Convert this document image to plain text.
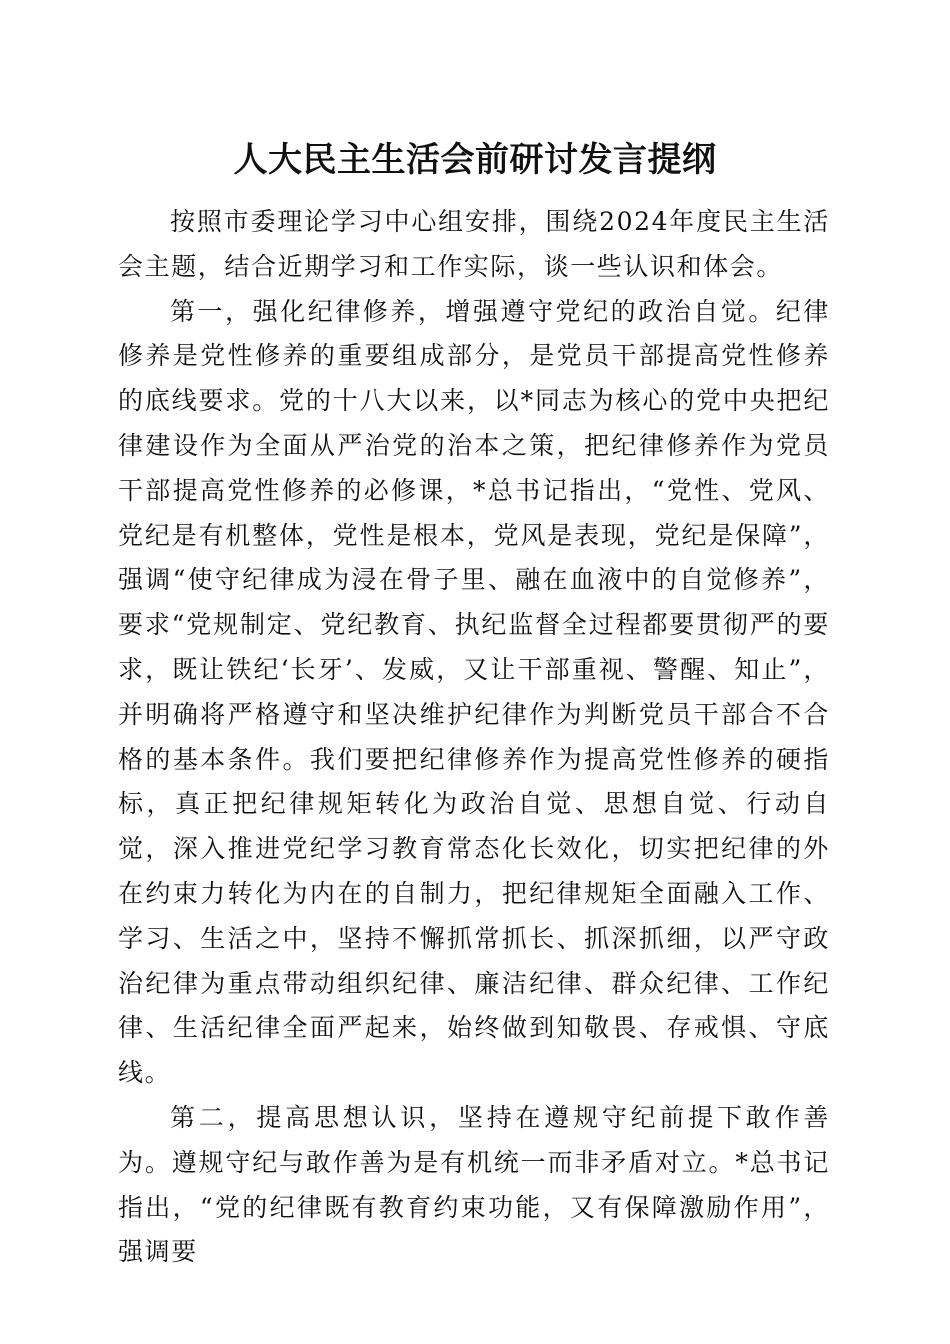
人大民主生活会前研讨发言提纲

按照市委理论学习中心组安排，围绕2024年度民主生活会主题，结合近期学习和工作实际，谈一些认识和体会。

第一，强化纪律修养，增强遵守党纪的政治自觉。纪律修养是党性修养的重要组成部分，是党员干部提高党性修养的底线要求。党的十八大以来，以*同志为核心的党中央把纪律建设作为全面从严治党的治本之策，把纪律修养作为党员干部提高党性修养的必修课，*总书记指出，“党性、党风、党纪是有机整体，党性是根本，党风是表现，党纪是保障”，强调“使守纪律成为浸在骨子里、融在血液中的自觉修养”，要求“党规制定、党纪教育、执纪监督全过程都要贯彻严的要求，既让铁纪‘长牙’、发威，又让干部重视、警醒、知止”，并明确将严格遵守和坚决维护纪律作为判断党员干部合不合格的基本条件。我们要把纪律修养作为提高党性修养的硬指标，真正把纪律规矩转化为政治自觉、思想自觉、行动自觉，深入推进党纪学习教育常态化长效化，切实把纪律的外在约束力转化为内在的自制力，把纪律规矩全面融入工作、学习、生活之中，坚持不懈抓常抓长、抓深抓细，以严守政治纪律为重点带动组织纪律、廉洁纪律、群众纪律、工作纪律、生活纪律全面严起来，始终做到知敬畏、存戒惧、守底线。

第二，提高思想认识，坚持在遵规守纪前提下敢作善为。遵规守纪与敢作善为是有机统一而非矛盾对立。*总书记指出，“党的纪律既有教育约束功能，又有保障激励作用”，强调要
